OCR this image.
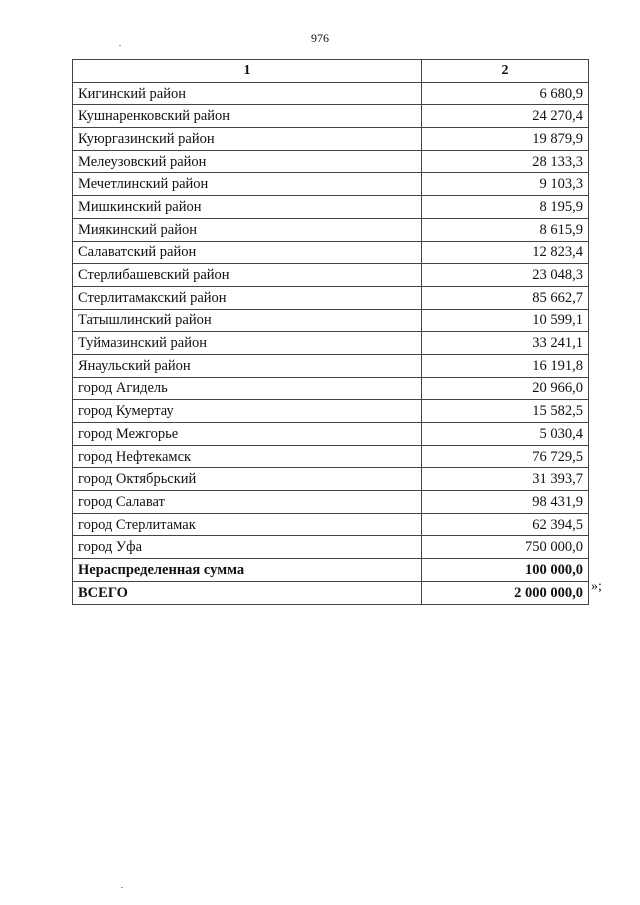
976
1	2
Кигинский район	6 680,9
Кушнаренковский район	24 270,4
Куюргазинский район	19 879,9
Мелеузовский район	28 133,3
Мечетлинский район	9 103,3
Мишкинский район	8 195,9
Миякинский район	8 615,9
Салаватский район	12 823,4
Стерлибашевский район	23 048,3
Стерлитамакский район	85 662,7
Татышлинский район	10 599,1
Туймазинский район	33 241,1
Янаульский район	16 191,8
город Агидель	20 966,0
город Кумертау	15 582,5
город Межгорье	5 030,4
город Нефтекамск	76 729,5
город Октябрьский	31 393,7
город Салават	98 431,9
город Стерлитамак	62 394,5
город Уфа	750 000,0
Нераспределенная сумма	100 000,0
ВСЕГО	2 000 000,0 »;
